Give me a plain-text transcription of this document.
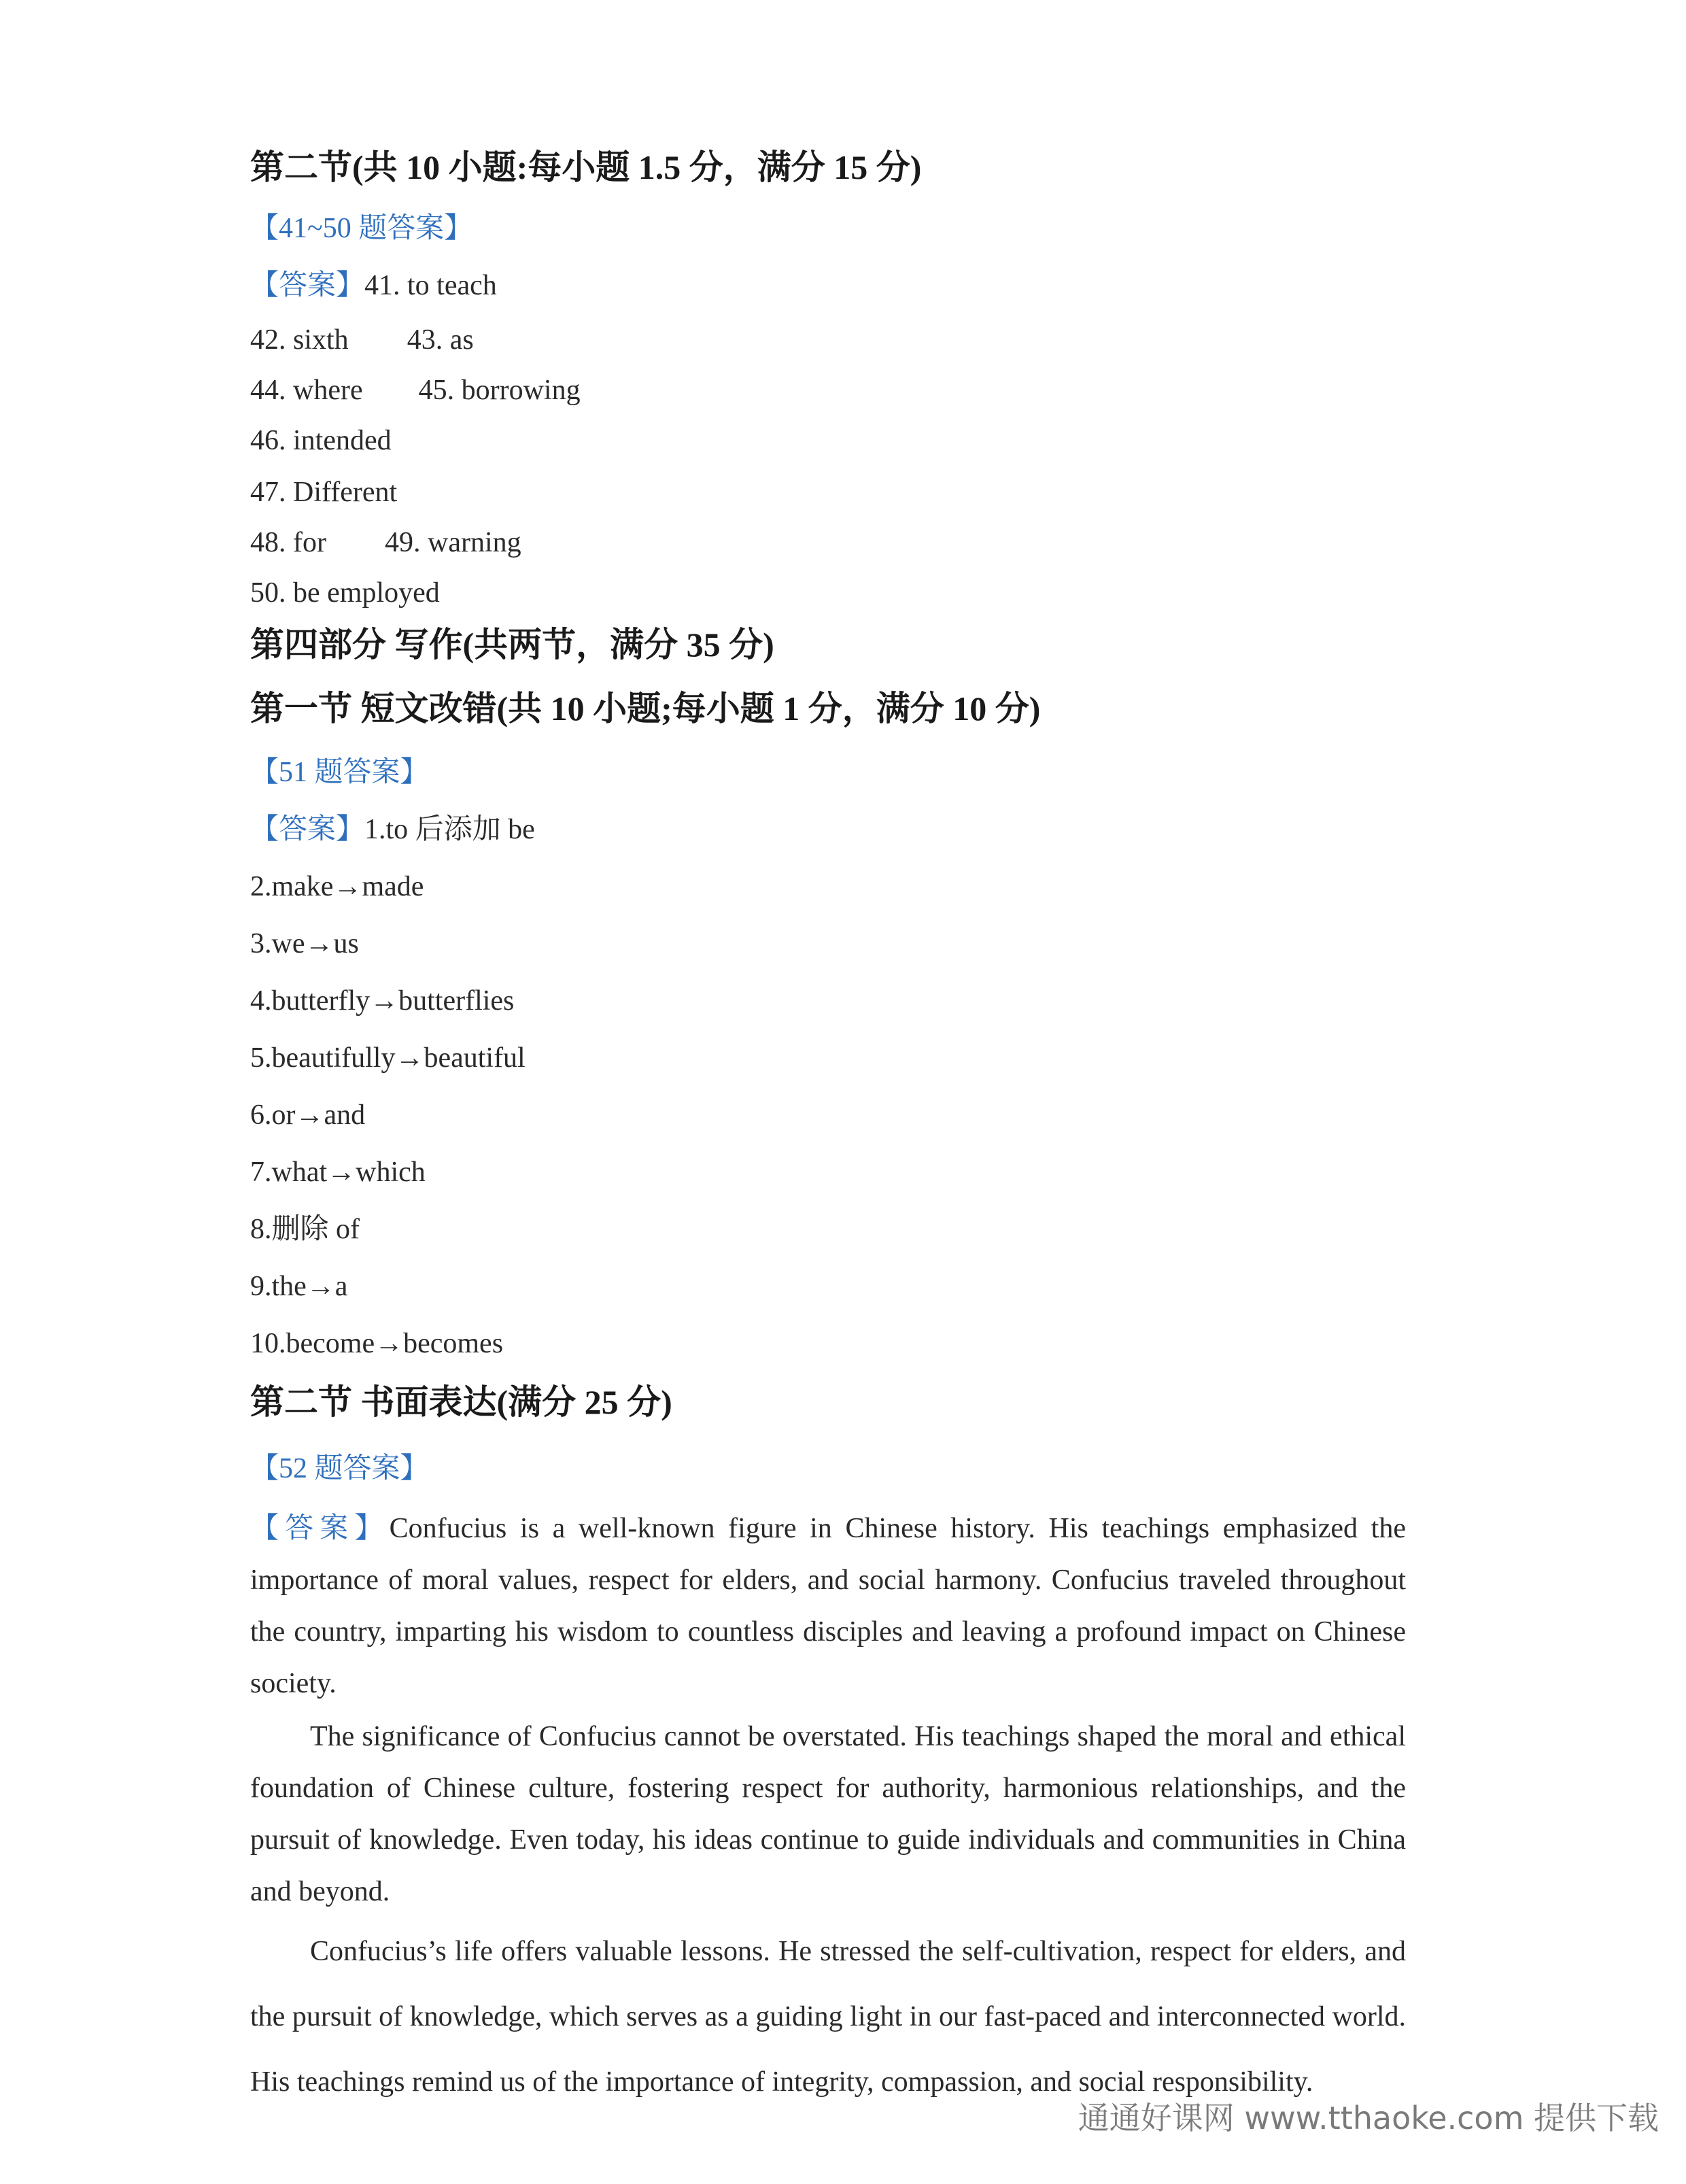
第二节(共 10 小题:每小题 1.5 分，满分 15 分)
【41~50 题答案】
【答案】41. to teach
42. sixth 43. as
44. where 45. borrowing
46. intended
47. Different
48. for 49. warning
50. be employed
第四部分 写作(共两节，满分 35 分)
第一节 短文改错(共 10 小题;每小题 1 分，满分 10 分)
【51 题答案】
【答案】1.to 后添加 be
2.make→made
3.we→us
4.butterfly→butterflies
5.beautifully→beautiful
6.or→and
7.what→which
8.删除 of
9.the→a
10.become→becomes
第二节 书面表达(满分 25 分)
【52 题答案】
【答案】Confucius is a well-known figure in Chinese history. His teachings emphasized the importance of moral values, respect for elders, and social harmony. Confucius traveled throughout the country, imparting his wisdom to countless disciples and leaving a profound impact on Chinese society.
The significance of Confucius cannot be overstated. His teachings shaped the moral and ethical foundation of Chinese culture, fostering respect for authority, harmonious relationships, and the pursuit of knowledge. Even today, his ideas continue to guide individuals and communities in China and beyond.
Confucius’s life offers valuable lessons. He stressed the self-cultivation, respect for elders, and the pursuit of knowledge, which serves as a guiding light in our fast-paced and interconnected world. His teachings remind us of the importance of integrity, compassion, and social responsibility.
通通好课网 www.tthaoke.com 提供下载
